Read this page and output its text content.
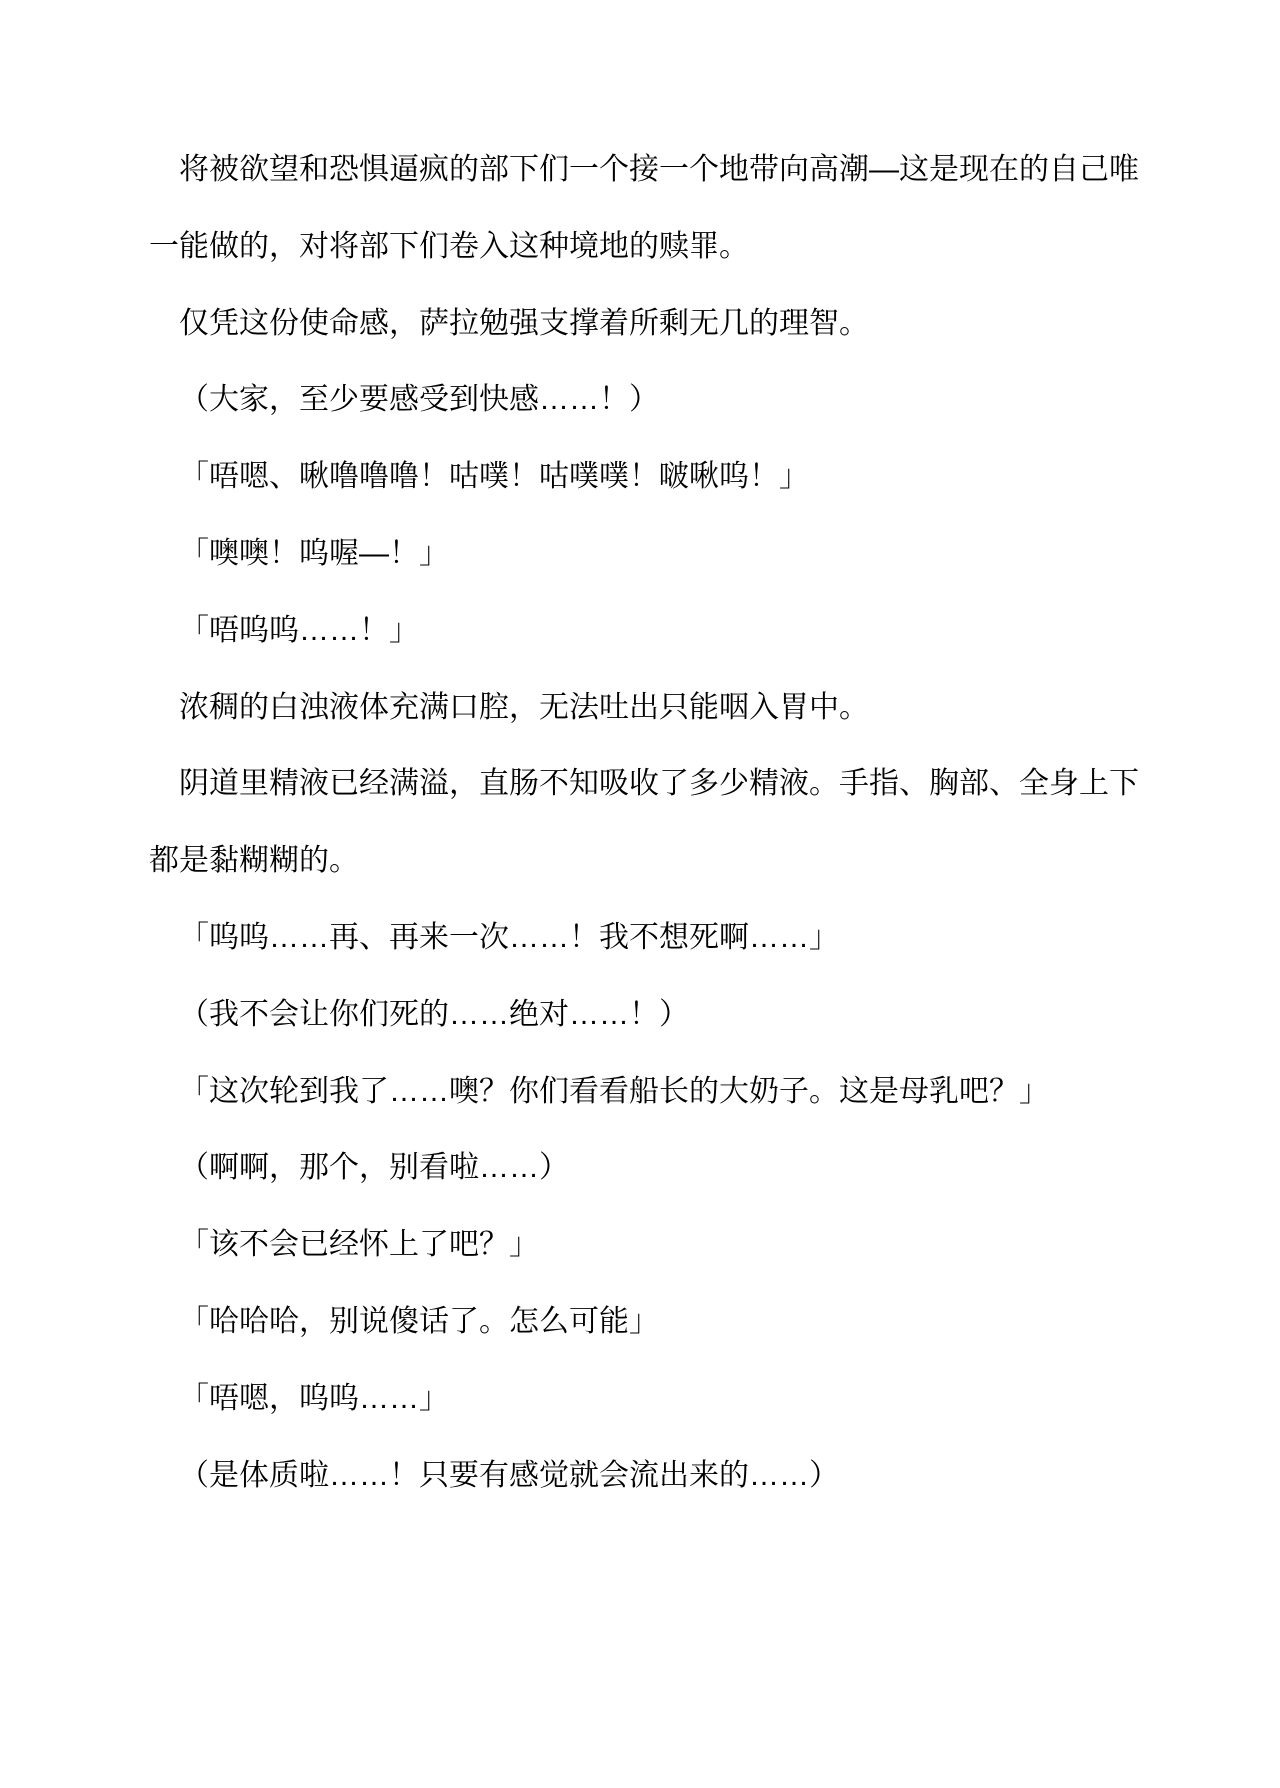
将被欲望和恐惧逼疯的部下们一个接一个地带向高潮—这是现在的自己唯一能做的，对将部下们卷入这种境地的赎罪。

仅凭这份使命感，萨拉勉强支撑着所剩无几的理智。

（大家，至少要感受到快感……！）

「唔嗯、啾噜噜噜！咕噗！咕噗噗！啵啾呜！」

「噢噢！呜喔—！」

「唔呜呜……！」

浓稠的白浊液体充满口腔，无法吐出只能咽入胃中。

阴道里精液已经满溢，直肠不知吸收了多少精液。手指、胸部、全身上下都是黏糊糊的。

「呜呜……再、再来一次……！我不想死啊……」

（我不会让你们死的……绝对……！）

「这次轮到我了……噢？你们看看船长的大奶子。这是母乳吧？」

（啊啊，那个，别看啦……）

「该不会已经怀上了吧？」

「哈哈哈，别说傻话了。怎么可能」

「唔嗯，呜呜……」

（是体质啦……！只要有感觉就会流出来的……）
